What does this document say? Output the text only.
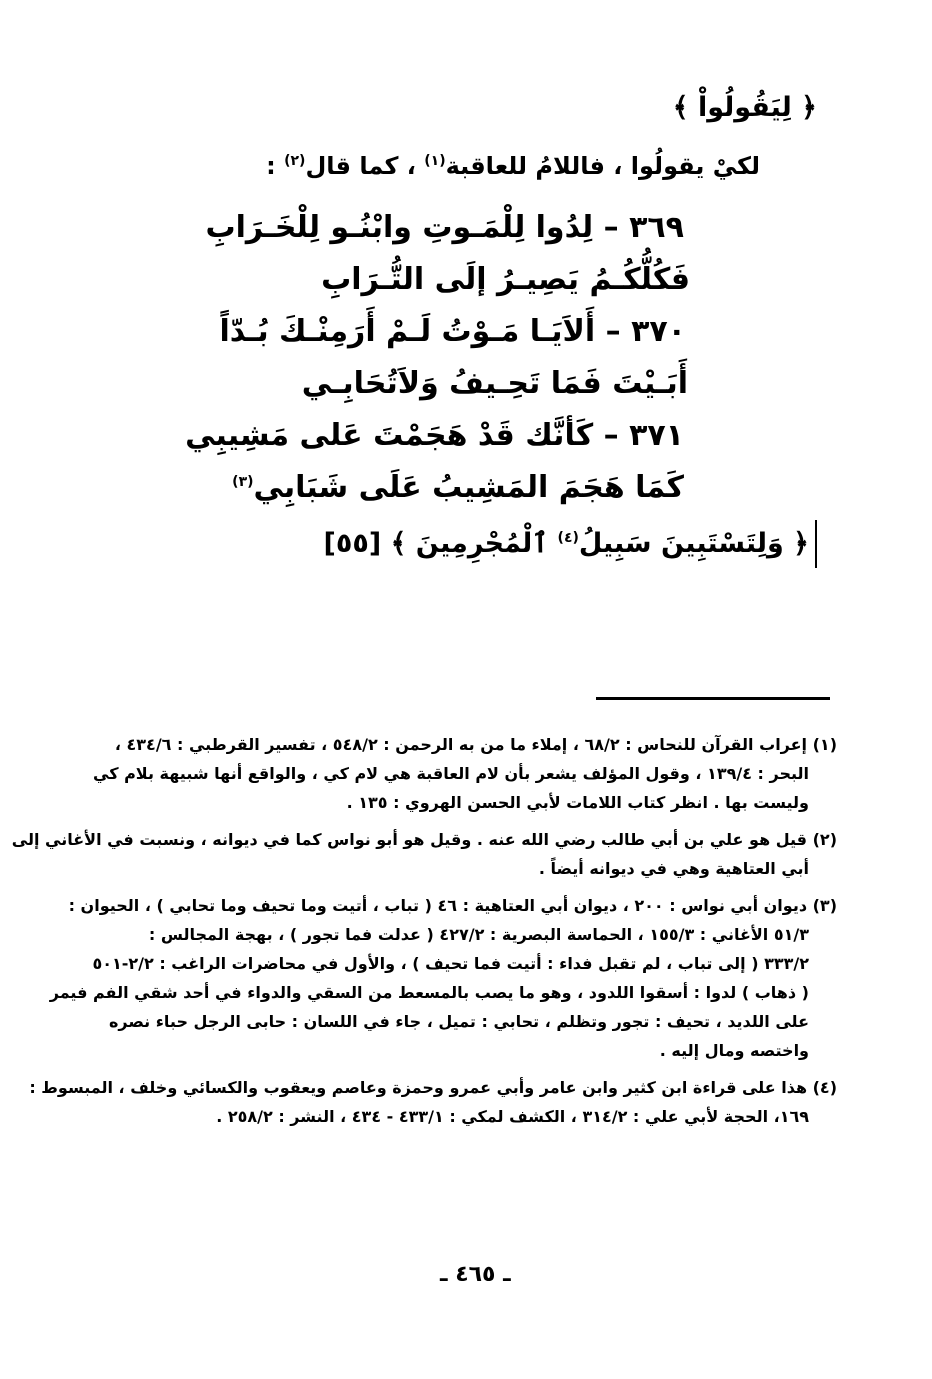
﴿ لِيَقُولُواْ ﴾
لكيْ يقولُوا ، فاللامُ للعاقبة$^{(١)}$ ، كما قال$^{(٢)}$ :
٣٦٩ – لِدُوا لِلْمَـوتِ وابْنُـو لِلْخَـرَابِ
فَكُلُّكُـمُ يَصِيـرُ إلَى التُّـرَابِ
٣٧٠ – أَلاَيَـا مَـوْتُ لَـمْ أَرَمِنْـكَ بُـدّاً
أَبَـيْتَ فَمَا تَحِـيفُ وَلاَتُحَابِـي
٣٧١ – كَأنَّك قَدْ هَجَمْتَ عَلى مَشِيبِي
كَمَا هَجَمَ المَشِيبُ عَلَى شَبَابِي$^{(٣)}$
﴿ وَلِتَسْتَبِينَ سَبِيلُ$^{(٤)}$ ٱلْمُجْرِمِينَ ﴾ [٥٥]
(١) إعراب القرآن للنحاس : ٦٨/٢ ، إملاء ما من به الرحمن : ٥٤٨/٢ ، تفسير القرطبي : ٤٣٤/٦ ،
البحر : ١٣٩/٤ ، وقول المؤلف يشعر بأن لام العاقبة هي لام كي ، والواقع أنها شبيهة بلام كي
وليست بها . انظر كتاب اللامات لأبي الحسن الهروي : ١٣٥ .
(٢) قيل هو علي بن أبي طالب رضي الله عنه . وقيل هو أبو نواس كما في ديوانه ، ونسبت في الأغاني إلى
أبي العتاهية وهي في ديوانه أيضاً .
(٣) ديوان أبي نواس : ٢٠٠ ، ديوان أبي العتاهية : ٤٦ ( تباب ، أتيت وما تحيف وما تحابي ) ، الحيوان :
٥١/٣ الأغاني : ١٥٥/٣ ، الحماسة البصرية : ٤٢٧/٢ ( عدلت فما تجور ) ، بهجة المجالس :
٣٣٣/٢ ( إلى تباب ، لم تقبل فداء : أتيت فما تحيف ) ، والأول في محاضرات الراغب : ٢/٢-٥٠١
( ذهاب ) لدوا : أسقوا اللدود ، وهو ما يصب بالمسعط من السقي والدواء في أحد شقي الفم فيمر
على اللديد ، تحيف : تجور وتظلم ، تحابي : تميل ، جاء في اللسان : حابى الرجل حباء نصره
واختصه ومال إليه .
(٤) هذا على قراءة ابن كثير وابن عامر وأبي عمرو وحمزة وعاصم ويعقوب والكسائي وخلف ، المبسوط :
١٦٩، الحجة لأبي علي : ٣١٤/٢ ، الكشف لمكي : ٤٣٣/١ - ٤٣٤ ، النشر : ٢٥٨/٢ .
ـ ٤٦٥ ـ
